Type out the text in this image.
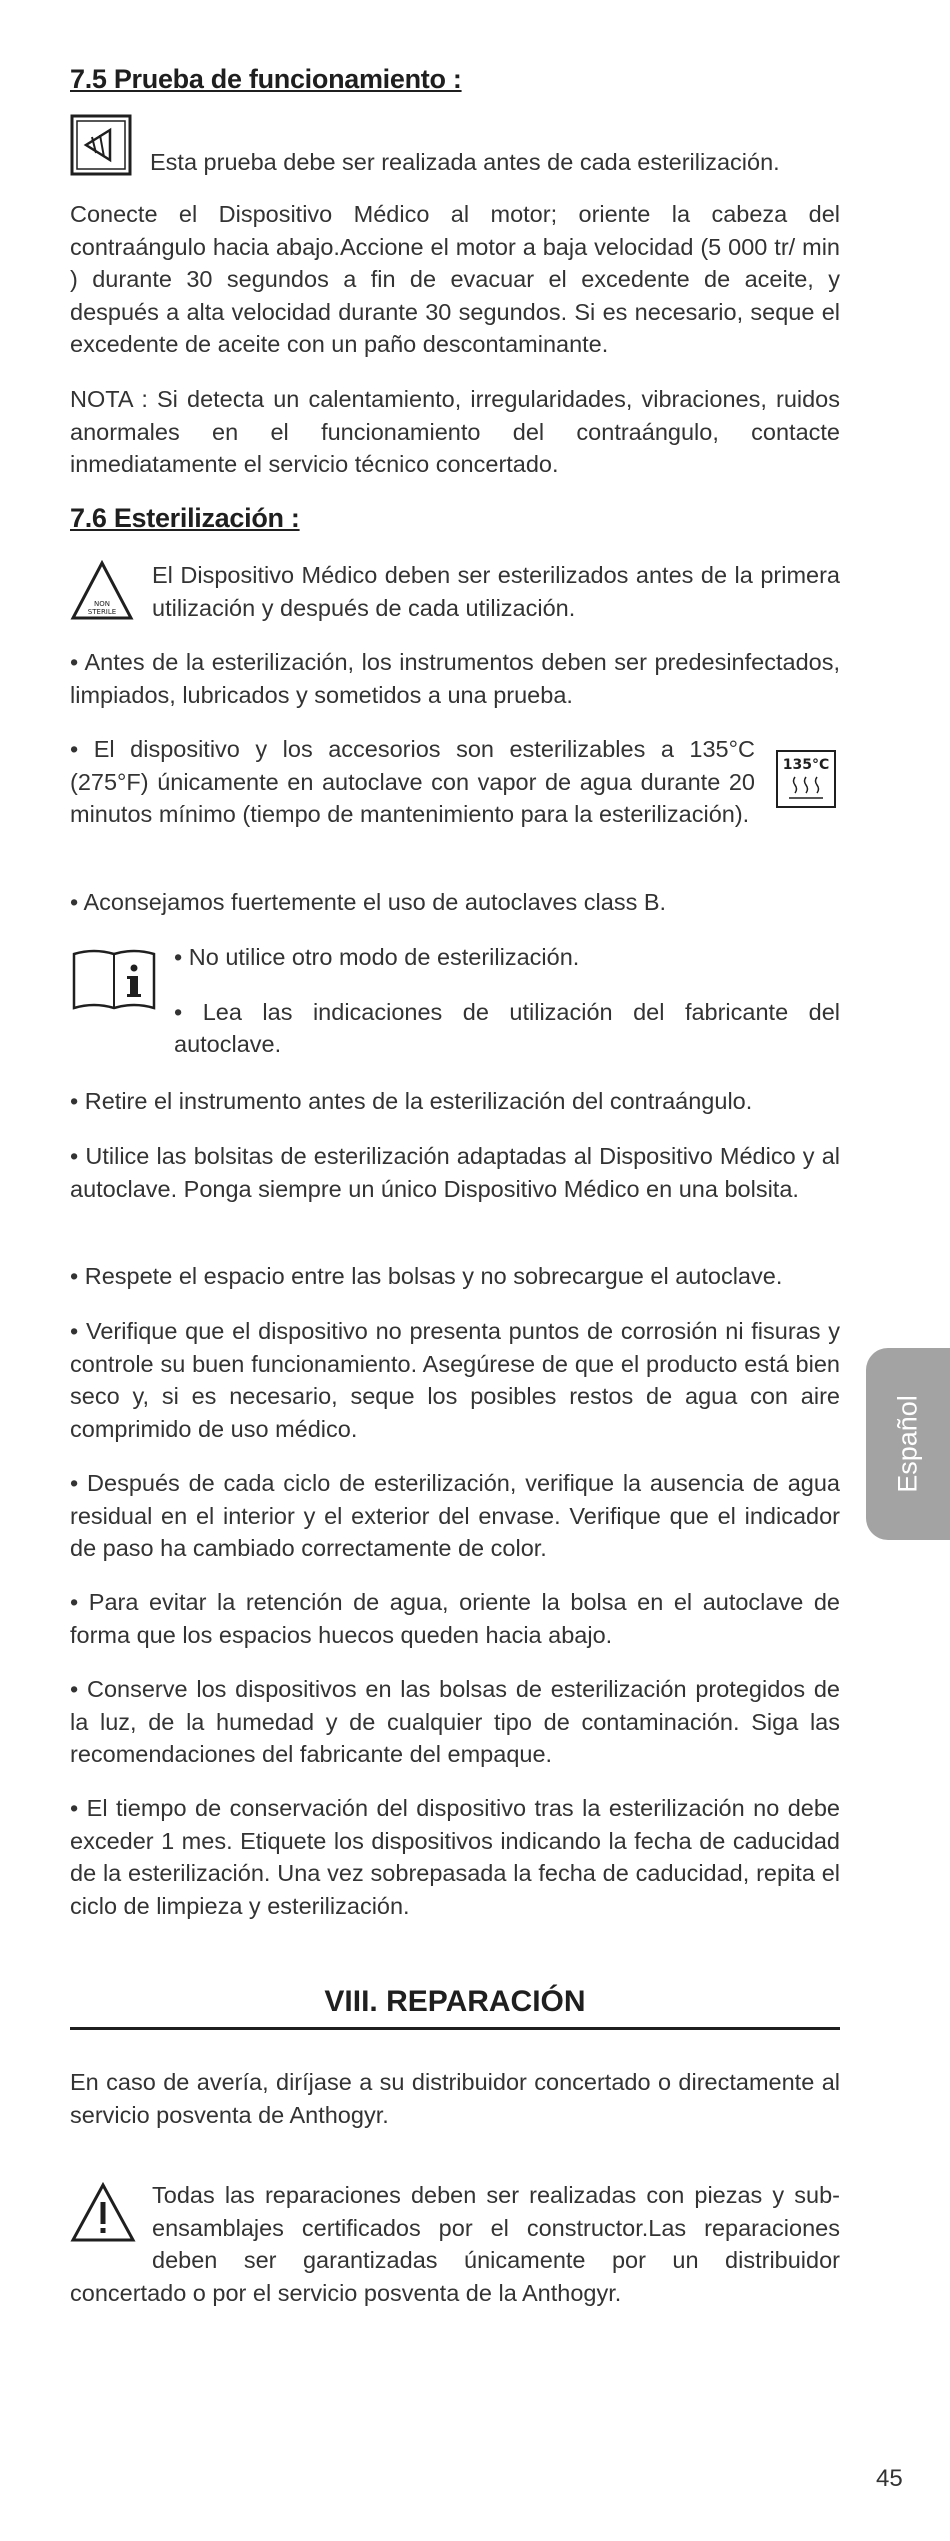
7.5 Prueba de funcionamiento :

Esta prueba debe ser realizada antes de cada esterilización.

Conecte el Dispositivo Médico al motor; oriente la cabeza del contraángulo hacia abajo.Accione el motor a baja velocidad (5 000 tr/ min ) durante 30 segundos a fin de evacuar el excedente de aceite, y después a alta velocidad durante 30 segundos. Si es necesario, seque el excedente de aceite con un paño descontaminante.

NOTA : Si detecta un calentamiento, irregularidades, vibraciones, ruidos anormales en el funcionamiento del contraángulo, contacte inmediatamente el servicio técnico concertado.

7.6 Esterilización :
NON
STERILE

El Dispositivo Médico deben ser esterilizados antes de la primera utilización y después de cada utilización.

• Antes de la esterilización, los instrumentos deben ser predesinfectados, limpiados, lubricados y sometidos a una prueba.

• El dispositivo y los accesorios son esterilizables a 135°C (275°F) únicamente en autoclave con vapor de agua durante 20 minutos mínimo (tiempo de mantenimiento para la esterilización).

135°C

• Aconsejamos fuertemente el uso de autoclaves class B.

• No utilice otro modo de esterilización.

• Lea las indicaciones de utilización del fabricante del autoclave.

• Retire el instrumento antes de la esterilización del contraángulo.

• Utilice las bolsitas de esterilización adaptadas al Dispositivo Médico y al autoclave. Ponga siempre un único Dispositivo Médico en una bolsita.

• Respete el espacio entre las bolsas y no sobrecargue el autoclave.

• Verifique que el dispositivo no presenta puntos de corrosión ni fisuras y controle su buen funcionamiento. Asegúrese de que el producto está bien seco y, si es necesario, seque los posibles restos de agua con aire comprimido de uso médico.

• Después de cada ciclo de esterilización, verifique la ausencia de agua residual en el interior y el exterior del envase. Verifique que el indicador de paso ha cambiado correctamente de color.

• Para evitar la retención de agua, oriente la bolsa en el autoclave de forma que los espacios huecos queden hacia abajo.

• Conserve los dispositivos en las bolsas de esterilización protegidos de la luz, de la humedad y de cualquier tipo de contaminación. Siga las recomendaciones del fabricante del empaque.

• El tiempo de conservación del dispositivo tras la esterilización no debe exceder 1 mes. Etiquete los dispositivos indicando la fecha de caducidad de la esterilización. Una vez sobrepasada la fecha de caducidad, repita el ciclo de limpieza y esterilización.

VIII. REPARACIÓN

En caso de avería, diríjase a su distribuidor concertado o directamente al servicio posventa de Anthogyr.

Todas las reparaciones deben ser realizadas con piezas y sub-ensamblajes certificados por el constructor.Las reparaciones deben ser garantizadas únicamente por un distribuidor concertado o por el servicio posventa de la Anthogyr.

Español
45
